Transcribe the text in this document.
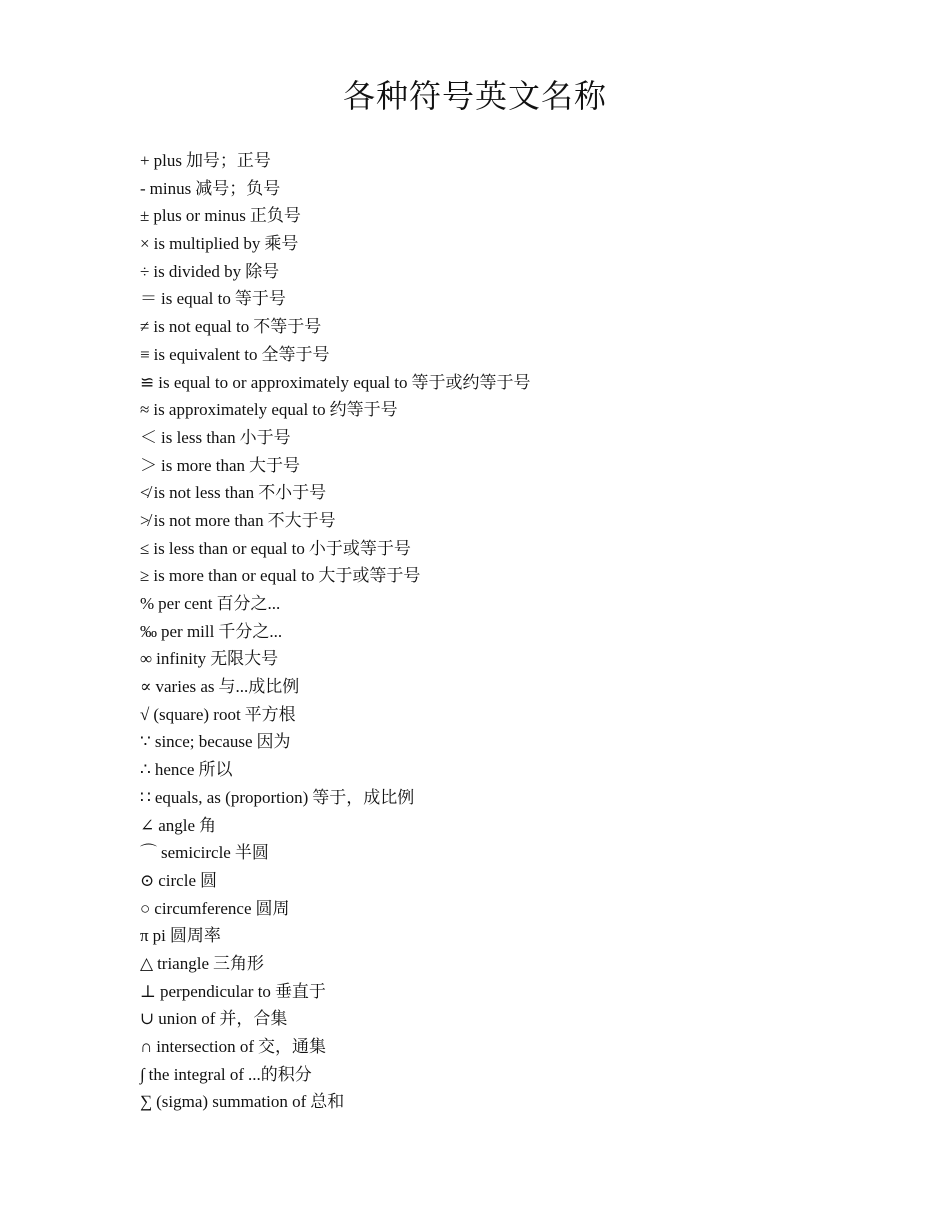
各种符号英文名称
+ plus 加号；正号
- minus 减号；负号
± plus or minus 正负号
× is multiplied by 乘号
÷ is divided by 除号
＝ is equal to 等于号
≠ is not equal to 不等于号
≡ is equivalent to 全等于号
≌ is equal to or approximately equal to 等于或约等于号
≈ is approximately equal to 约等于号
＜ is less than 小于号
＞ is more than 大于号
≮ is not less than 不小于号
≯ is not more than 不大于号
≤ is less than or equal to 小于或等于号
≥ is more than or equal to 大于或等于号
% per cent 百分之...
‰ per mill 千分之...
∞ infinity 无限大号
∝ varies as 与...成比例
√ (square) root 平方根
∵ since; because 因为
∴ hence 所以
∷ equals, as (proportion) 等于，成比例
∠ angle 角
⌒ semicircle 半圆
⊙ circle 圆
○ circumference 圆周
π pi 圆周率
△ triangle 三角形
⊥ perpendicular to 垂直于
∪ union of 并，合集
∩ intersection of 交，通集
∫ the integral of ...的积分
∑ (sigma) summation of 总和
